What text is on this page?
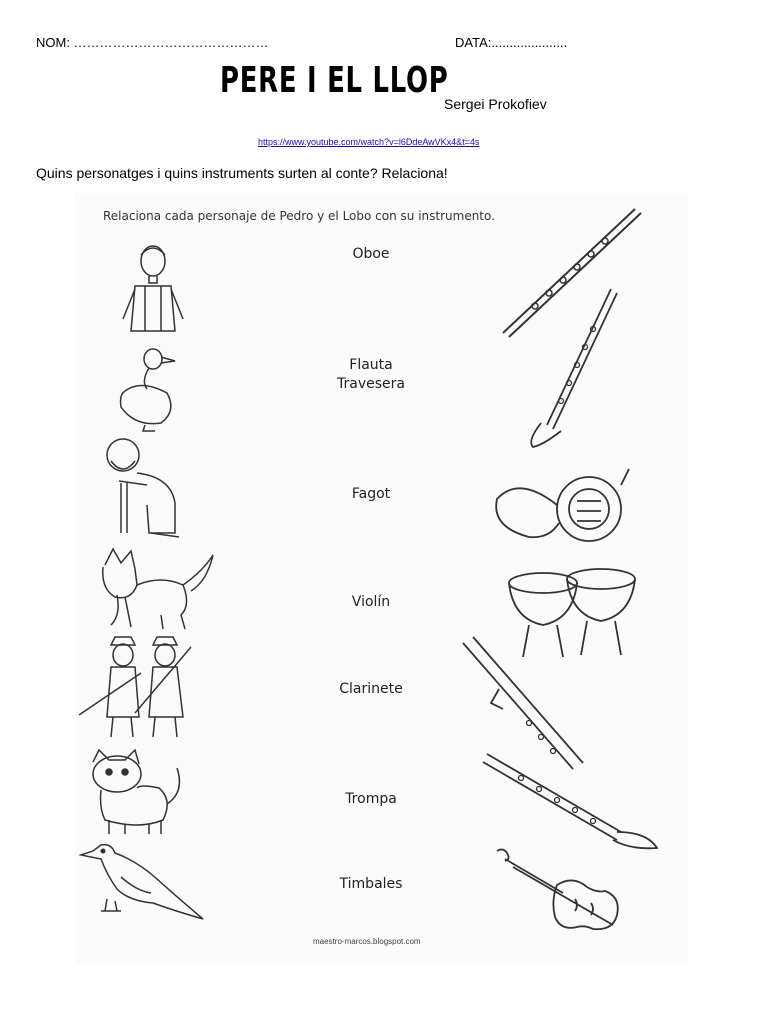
NOM: ………………………………………	DATA:.....................
PERE I EL LLOP
Sergei Prokofiev
https://www.youtube.com/watch?v=l6DdeAwVKx4&t=4s
Quins personatges i quins instruments surten al conte? Relaciona!
Relaciona cada personaje de Pedro y el Lobo con su instrumento.
Oboe
Flauta
Travesera
Fagot
Violín
Clarinete
Trompa
Timbales
maestro-marcos.blogspot.com
